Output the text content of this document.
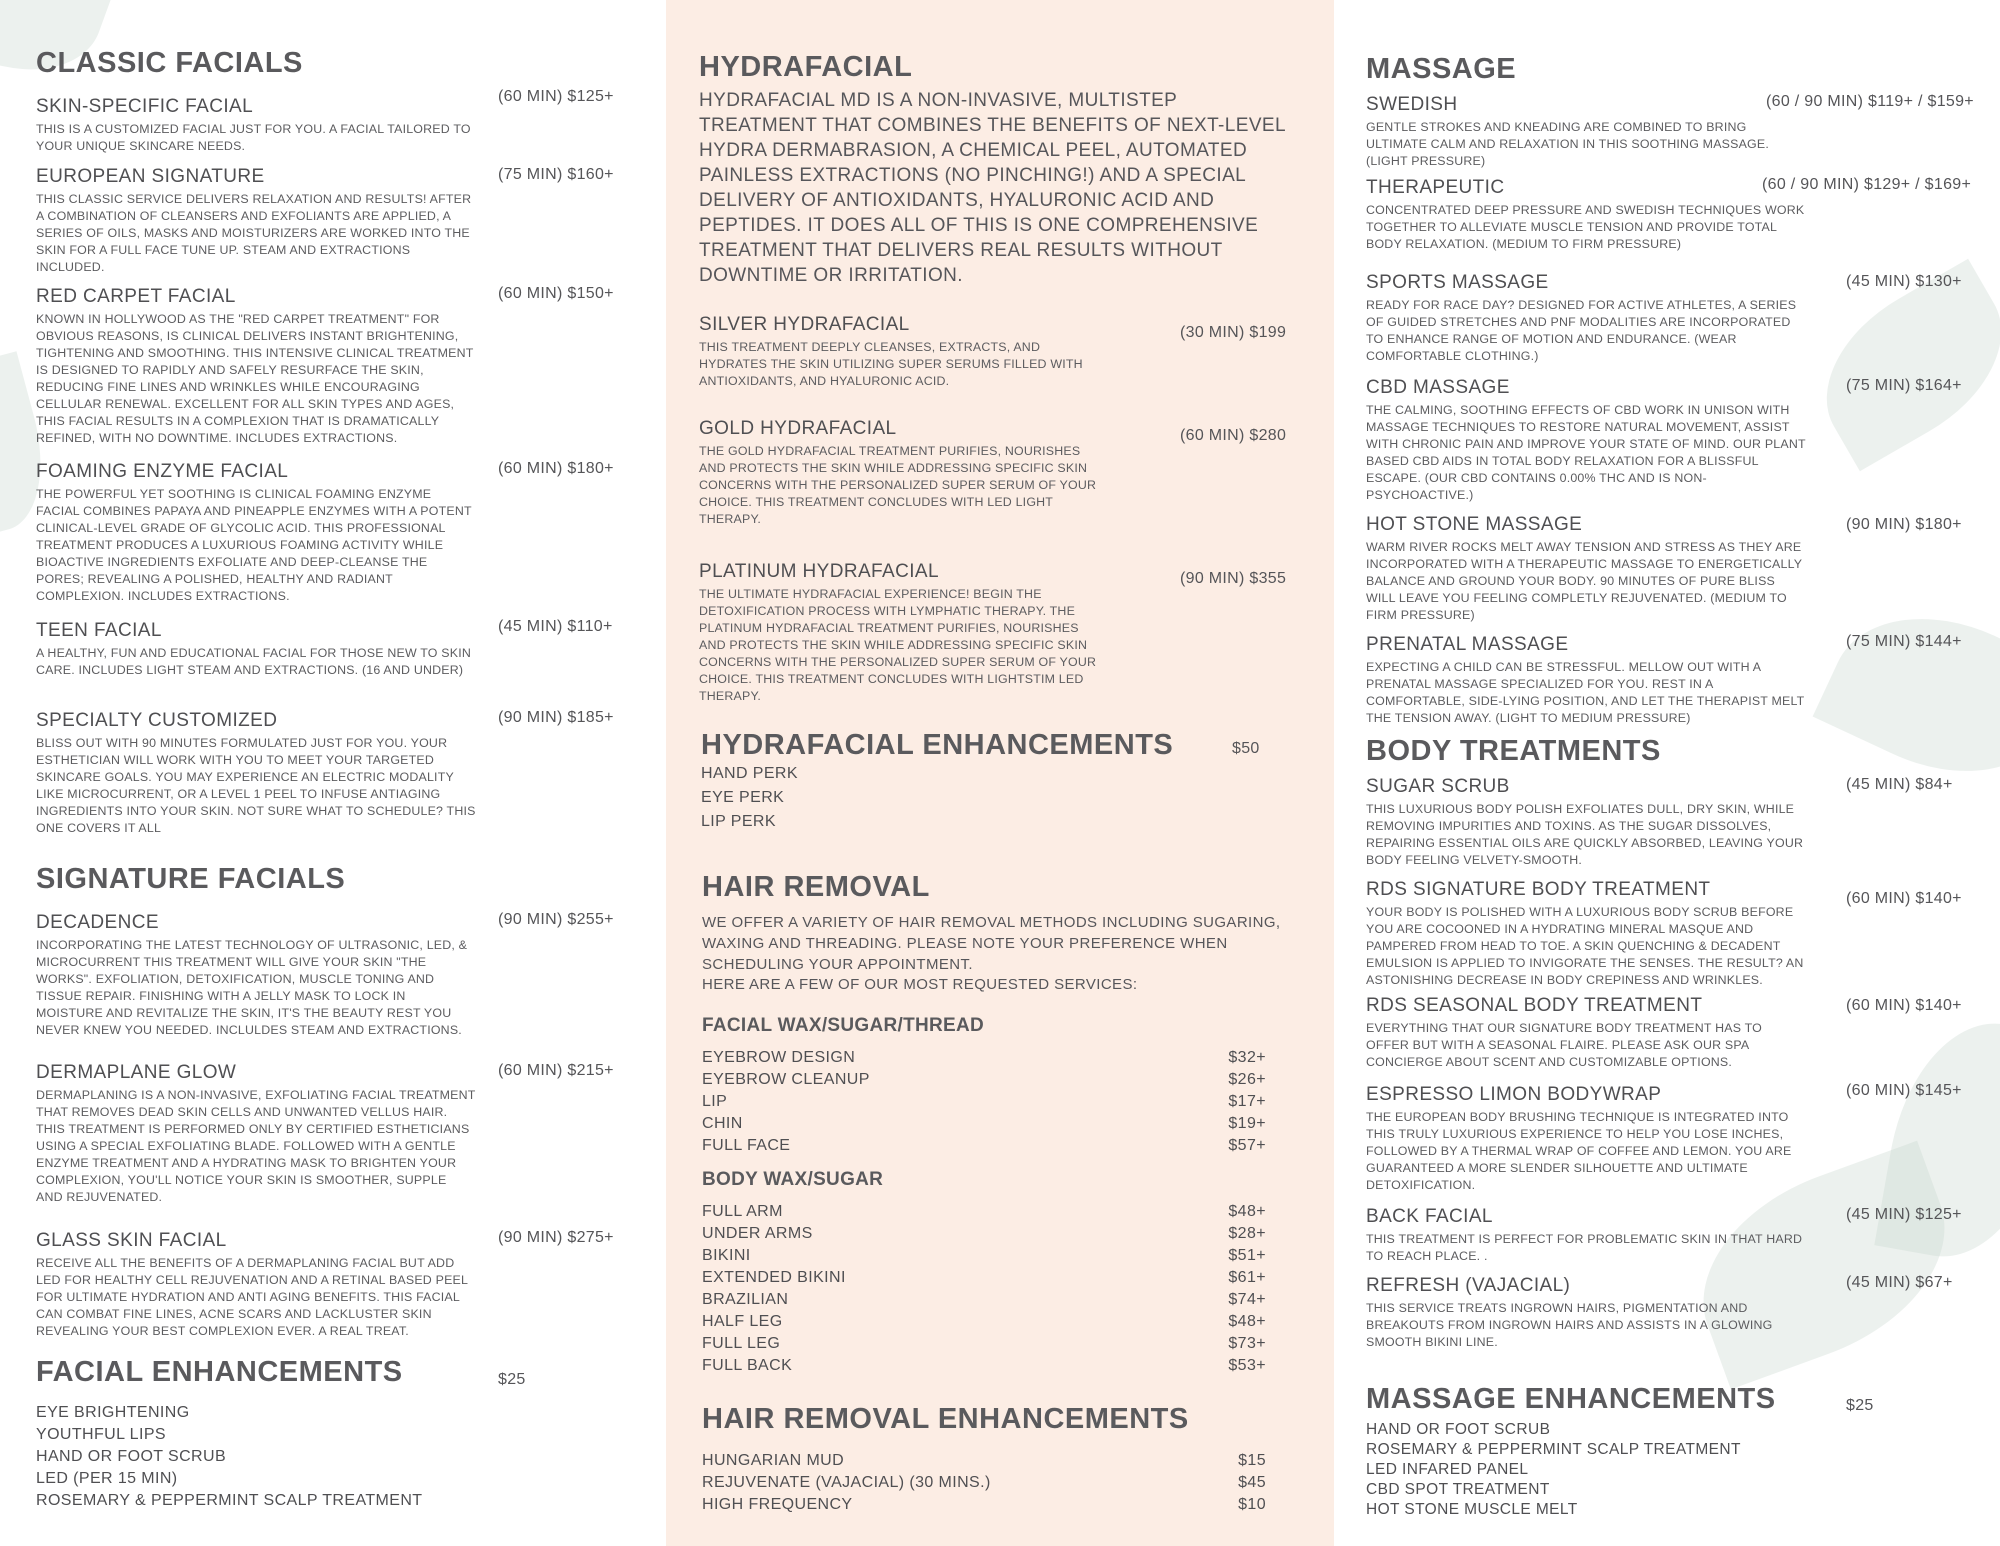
CLASSIC FACIALS
SKIN-SPECIFIC FACIAL
THIS IS A CUSTOMIZED FACIAL JUST FOR YOU. A FACIAL TAILORED TO YOUR UNIQUE SKINCARE NEEDS.
(60 MIN) $125+
EUROPEAN SIGNATURE
THIS CLASSIC SERVICE DELIVERS RELAXATION AND RESULTS! AFTER A COMBINATION OF CLEANSERS AND EXFOLIANTS ARE APPLIED, A SERIES OF OILS, MASKS AND MOISTURIZERS ARE WORKED INTO THE SKIN FOR A FULL FACE TUNE UP. STEAM AND EXTRACTIONS INCLUDED.
(75 MIN) $160+
RED CARPET FACIAL
KNOWN IN HOLLYWOOD AS THE "RED CARPET TREATMENT" FOR OBVIOUS REASONS, IS CLINICAL DELIVERS INSTANT BRIGHTENING, TIGHTENING AND SMOOTHING. THIS INTENSIVE CLINICAL TREATMENT IS DESIGNED TO RAPIDLY AND SAFELY RESURFACE THE SKIN, REDUCING FINE LINES AND WRINKLES WHILE ENCOURAGING CELLULAR RENEWAL. EXCELLENT FOR ALL SKIN TYPES AND AGES, THIS FACIAL RESULTS IN A COMPLEXION THAT IS DRAMATICALLY REFINED, WITH NO DOWNTIME. INCLUDES EXTRACTIONS.
(60 MIN) $150+
FOAMING ENZYME FACIAL
THE POWERFUL YET SOOTHING IS CLINICAL FOAMING ENZYME FACIAL COMBINES PAPAYA AND PINEAPPLE ENZYMES WITH A POTENT CLINICAL-LEVEL GRADE OF GLYCOLIC ACID. THIS PROFESSIONAL TREATMENT PRODUCES A LUXURIOUS FOAMING ACTIVITY WHILE BIOACTIVE INGREDIENTS EXFOLIATE AND DEEP-CLEANSE THE PORES; REVEALING A POLISHED, HEALTHY AND RADIANT COMPLEXION. INCLUDES EXTRACTIONS.
(60 MIN) $180+
TEEN FACIAL
A HEALTHY, FUN AND EDUCATIONAL FACIAL FOR THOSE NEW TO SKIN CARE. INCLUDES LIGHT STEAM AND EXTRACTIONS. (16 AND UNDER)
(45 MIN) $110+
SPECIALTY CUSTOMIZED
BLISS OUT WITH 90 MINUTES FORMULATED JUST FOR YOU. YOUR ESTHETICIAN WILL WORK WITH YOU TO MEET YOUR TARGETED SKINCARE GOALS. YOU MAY EXPERIENCE AN ELECTRIC MODALITY LIKE MICROCURRENT, OR A LEVEL 1 PEEL TO INFUSE ANTIAGING INGREDIENTS INTO YOUR SKIN. NOT SURE WHAT TO SCHEDULE? THIS ONE COVERS IT ALL
(90 MIN) $185+
SIGNATURE FACIALS
DECADENCE
INCORPORATING THE LATEST TECHNOLOGY OF ULTRASONIC, LED, & MICROCURRENT THIS TREATMENT WILL GIVE YOUR SKIN "THE WORKS". EXFOLIATION, DETOXIFICATION, MUSCLE TONING AND TISSUE REPAIR. FINISHING WITH A JELLY MASK TO LOCK IN MOISTURE AND REVITALIZE THE SKIN, IT'S THE BEAUTY REST YOU NEVER KNEW YOU NEEDED. INCLULDES STEAM AND EXTRACTIONS.
(90 MIN) $255+
DERMAPLANE GLOW
DERMAPLANING IS A NON-INVASIVE, EXFOLIATING FACIAL TREATMENT THAT REMOVES DEAD SKIN CELLS AND UNWANTED VELLUS HAIR. THIS TREATMENT IS PERFORMED ONLY BY CERTIFIED ESTHETICIANS USING A SPECIAL EXFOLIATING BLADE. FOLLOWED WITH A GENTLE ENZYME TREATMENT AND A HYDRATING MASK TO BRIGHTEN YOUR COMPLEXION, YOU'LL NOTICE YOUR SKIN IS SMOOTHER, SUPPLE AND REJUVENATED.
(60 MIN) $215+
GLASS SKIN FACIAL
RECEIVE ALL THE BENEFITS OF A DERMAPLANING FACIAL BUT ADD LED FOR HEALTHY CELL REJUVENATION AND A RETINAL BASED PEEL FOR ULTIMATE HYDRATION AND ANTI AGING BENEFITS. THIS FACIAL CAN COMBAT FINE LINES, ACNE SCARS AND LACKLUSTER SKIN REVEALING YOUR BEST COMPLEXION EVER. A REAL TREAT.
(90 MIN) $275+
FACIAL ENHANCEMENTS	$25
EYE BRIGHTENING
YOUTHFUL LIPS
HAND OR FOOT SCRUB
LED (PER 15 MIN)
ROSEMARY & PEPPERMINT SCALP TREATMENT
HYDRAFACIAL
HYDRAFACIAL MD IS A NON-INVASIVE, MULTISTEP TREATMENT THAT COMBINES THE BENEFITS OF NEXT-LEVEL HYDRA DERMABRASION, A CHEMICAL PEEL, AUTOMATED PAINLESS EXTRACTIONS (NO PINCHING!) AND A SPECIAL DELIVERY OF ANTIOXIDANTS, HYALURONIC ACID AND PEPTIDES. IT DOES ALL OF THIS IS ONE COMPREHENSIVE TREATMENT THAT DELIVERS REAL RESULTS WITHOUT DOWNTIME OR IRRITATION.
SILVER HYDRAFACIAL
THIS TREATMENT DEEPLY CLEANSES, EXTRACTS, AND HYDRATES THE SKIN UTILIZING SUPER SERUMS FILLED WITH ANTIOXIDANTS, AND HYALURONIC ACID.
(30 MIN) $199
GOLD HYDRAFACIAL
THE GOLD HYDRAFACIAL TREATMENT PURIFIES, NOURISHES AND PROTECTS THE SKIN WHILE ADDRESSING SPECIFIC SKIN CONCERNS WITH THE PERSONALIZED SUPER SERUM OF YOUR CHOICE. THIS TREATMENT CONCLUDES WITH LED LIGHT THERAPY.
(60 MIN) $280
PLATINUM HYDRAFACIAL
THE ULTIMATE HYDRAFACIAL EXPERIENCE! BEGIN THE DETOXIFICATION PROCESS WITH LYMPHATIC THERAPY. THE PLATINUM HYDRAFACIAL TREATMENT PURIFIES, NOURISHES AND PROTECTS THE SKIN WHILE ADDRESSING SPECIFIC SKIN CONCERNS WITH THE PERSONALIZED SUPER SERUM OF YOUR CHOICE. THIS TREATMENT CONCLUDES WITH LIGHTSTIM LED THERAPY.
(90 MIN) $355
HYDRAFACIAL ENHANCEMENTS	$50
HAND PERK
EYE PERK
LIP PERK
HAIR REMOVAL
WE OFFER A VARIETY OF HAIR REMOVAL METHODS INCLUDING SUGARING, WAXING AND THREADING. PLEASE NOTE YOUR PREFERENCE WHEN SCHEDULING YOUR APPOINTMENT.
HERE ARE A FEW OF OUR MOST REQUESTED SERVICES:
FACIAL WAX/SUGAR/THREAD
EYEBROW DESIGN	$32+
EYEBROW CLEANUP	$26+
LIP	$17+
CHIN	$19+
FULL FACE	$57+
BODY WAX/SUGAR
FULL ARM	$48+
UNDER ARMS	$28+
BIKINI	$51+
EXTENDED BIKINI	$61+
BRAZILIAN	$74+
HALF LEG	$48+
FULL LEG	$73+
FULL BACK	$53+
HAIR REMOVAL ENHANCEMENTS
HUNGARIAN MUD	$15
REJUVENATE (VAJACIAL) (30 MINS.)	$45
HIGH FREQUENCY	$10
MASSAGE
SWEDISH
GENTLE STROKES AND KNEADING ARE COMBINED TO BRING ULTIMATE CALM AND RELAXATION IN THIS SOOTHING MASSAGE. (LIGHT PRESSURE)
(60 / 90 MIN) $119+ / $159+
THERAPEUTIC
CONCENTRATED DEEP PRESSURE AND SWEDISH TECHNIQUES WORK TOGETHER TO ALLEVIATE MUSCLE TENSION AND PROVIDE TOTAL BODY RELAXATION. (MEDIUM TO FIRM PRESSURE)
(60 / 90 MIN) $129+ / $169+
SPORTS MASSAGE
READY FOR RACE DAY? DESIGNED FOR ACTIVE ATHLETES, A SERIES OF GUIDED STRETCHES AND PNF MODALITIES ARE INCORPORATED TO ENHANCE RANGE OF MOTION AND ENDURANCE. (WEAR COMFORTABLE CLOTHING.)
(45 MIN) $130+
CBD MASSAGE
THE CALMING, SOOTHING EFFECTS OF CBD WORK IN UNISON WITH MASSAGE TECHNIQUES TO RESTORE NATURAL MOVEMENT, ASSIST WITH CHRONIC PAIN AND IMPROVE YOUR STATE OF MIND. OUR PLANT BASED CBD AIDS IN TOTAL BODY RELAXATION FOR A BLISSFUL ESCAPE. (OUR CBD CONTAINS 0.00% THC AND IS NON-PSYCHOACTIVE.)
(75 MIN) $164+
HOT STONE MASSAGE
WARM RIVER ROCKS MELT AWAY TENSION AND STRESS AS THEY ARE INCORPORATED WITH A THERAPEUTIC MASSAGE TO ENERGETICALLY BALANCE AND GROUND YOUR BODY. 90 MINUTES OF PURE BLISS WILL LEAVE YOU FEELING COMPLETLY REJUVENATED. (MEDIUM TO FIRM PRESSURE)
(90 MIN) $180+
PRENATAL MASSAGE
EXPECTING A CHILD CAN BE STRESSFUL. MELLOW OUT WITH A PRENATAL MASSAGE SPECIALIZED FOR YOU. REST IN A COMFORTABLE, SIDE-LYING POSITION, AND LET THE THERAPIST MELT THE TENSION AWAY. (LIGHT TO MEDIUM PRESSURE)
(75 MIN) $144+
BODY TREATMENTS
SUGAR SCRUB
THIS LUXURIOUS BODY POLISH EXFOLIATES DULL, DRY SKIN, WHILE REMOVING IMPURITIES AND TOXINS. AS THE SUGAR DISSOLVES, REPAIRING ESSENTIAL OILS ARE QUICKLY ABSORBED, LEAVING YOUR BODY FEELING VELVETY-SMOOTH.
(45 MIN) $84+
RDS SIGNATURE BODY TREATMENT
YOUR BODY IS POLISHED WITH A LUXURIOUS BODY SCRUB BEFORE YOU ARE COCOONED IN A HYDRATING MINERAL MASQUE AND PAMPERED FROM HEAD TO TOE. A SKIN QUENCHING & DECADENT EMULSION IS APPLIED TO INVIGORATE THE SENSES. THE RESULT? AN ASTONISHING DECREASE IN BODY CREPINESS AND WRINKLES.
(60 MIN) $140+
RDS SEASONAL BODY TREATMENT
EVERYTHING THAT OUR SIGNATURE BODY TREATMENT HAS TO OFFER BUT WITH A SEASONAL FLAIRE. PLEASE ASK OUR SPA CONCIERGE ABOUT SCENT AND CUSTOMIZABLE OPTIONS.
(60 MIN) $140+
ESPRESSO LIMON BODYWRAP
THE EUROPEAN BODY BRUSHING TECHNIQUE IS INTEGRATED INTO THIS TRULY LUXURIOUS EXPERIENCE TO HELP YOU LOSE INCHES, FOLLOWED BY A THERMAL WRAP OF COFFEE AND LEMON. YOU ARE GUARANTEED A MORE SLENDER SILHOUETTE AND ULTIMATE DETOXIFICATION.
(60 MIN) $145+
BACK FACIAL
THIS TREATMENT IS PERFECT FOR PROBLEMATIC SKIN IN THAT HARD TO REACH PLACE. .
(45 MIN) $125+
REFRESH (VAJACIAL)
THIS SERVICE TREATS INGROWN HAIRS, PIGMENTATION AND BREAKOUTS FROM INGROWN HAIRS AND ASSISTS IN A GLOWING SMOOTH BIKINI LINE.
(45 MIN) $67+
MASSAGE ENHANCEMENTS	$25
HAND OR FOOT SCRUB
ROSEMARY & PEPPERMINT SCALP TREATMENT
LED INFARED PANEL
CBD SPOT TREATMENT
HOT STONE MUSCLE MELT
